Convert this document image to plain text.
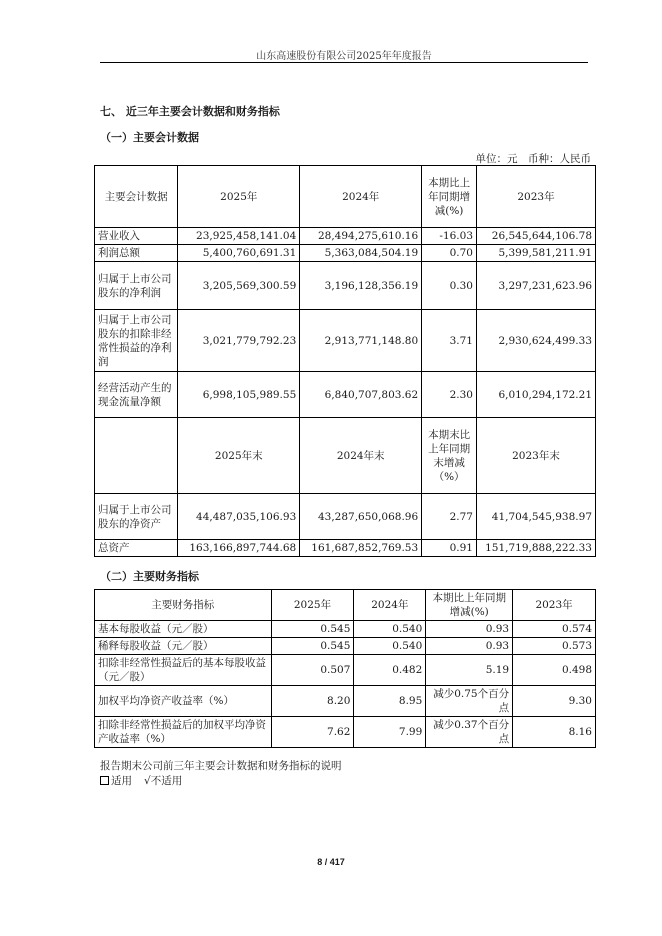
山东高速股份有限公司2025年年度报告
七、 近三年主要会计数据和财务指标
（一）主要会计数据
单位：元　币种：人民币
主要会计数据	2025年	2024年	本期比上年同期增减(%)	2023年
营业收入	23,925,458,141.04	28,494,275,610.16	-16.03	26,545,644,106.78
利润总额	5,400,760,691.31	5,363,084,504.19	0.70	5,399,581,211.91
归属于上市公司股东的净利润	3,205,569,300.59	3,196,128,356.19	0.30	3,297,231,623.96
归属于上市公司股东的扣除非经常性损益的净利润	3,021,779,792.23	2,913,771,148.80	3.71	2,930,624,499.33
经营活动产生的现金流量净额	6,998,105,989.55	6,840,707,803.62	2.30	6,010,294,172.21
	2025年末	2024年末	本期末比上年同期末增减（%）	2023年末
归属于上市公司股东的净资产	44,487,035,106.93	43,287,650,068.96	2.77	41,704,545,938.97
总资产	163,166,897,744.68	161,687,852,769.53	0.91	151,719,888,222.33
（二）主要财务指标
主要财务指标	2025年	2024年	本期比上年同期增减(%)	2023年
基本每股收益（元／股）	0.545	0.540	0.93	0.574
稀释每股收益（元／股）	0.545	0.540	0.93	0.573
扣除非经常性损益后的基本每股收益（元／股）	0.507	0.482	5.19	0.498
加权平均净资产收益率（%）	8.20	8.95	减少0.75个百分点	9.30
扣除非经常性损益后的加权平均净资产收益率（%）	7.62	7.99	减少0.37个百分点	8.16
报告期末公司前三年主要会计数据和财务指标的说明
适用 √不适用
8 / 417
